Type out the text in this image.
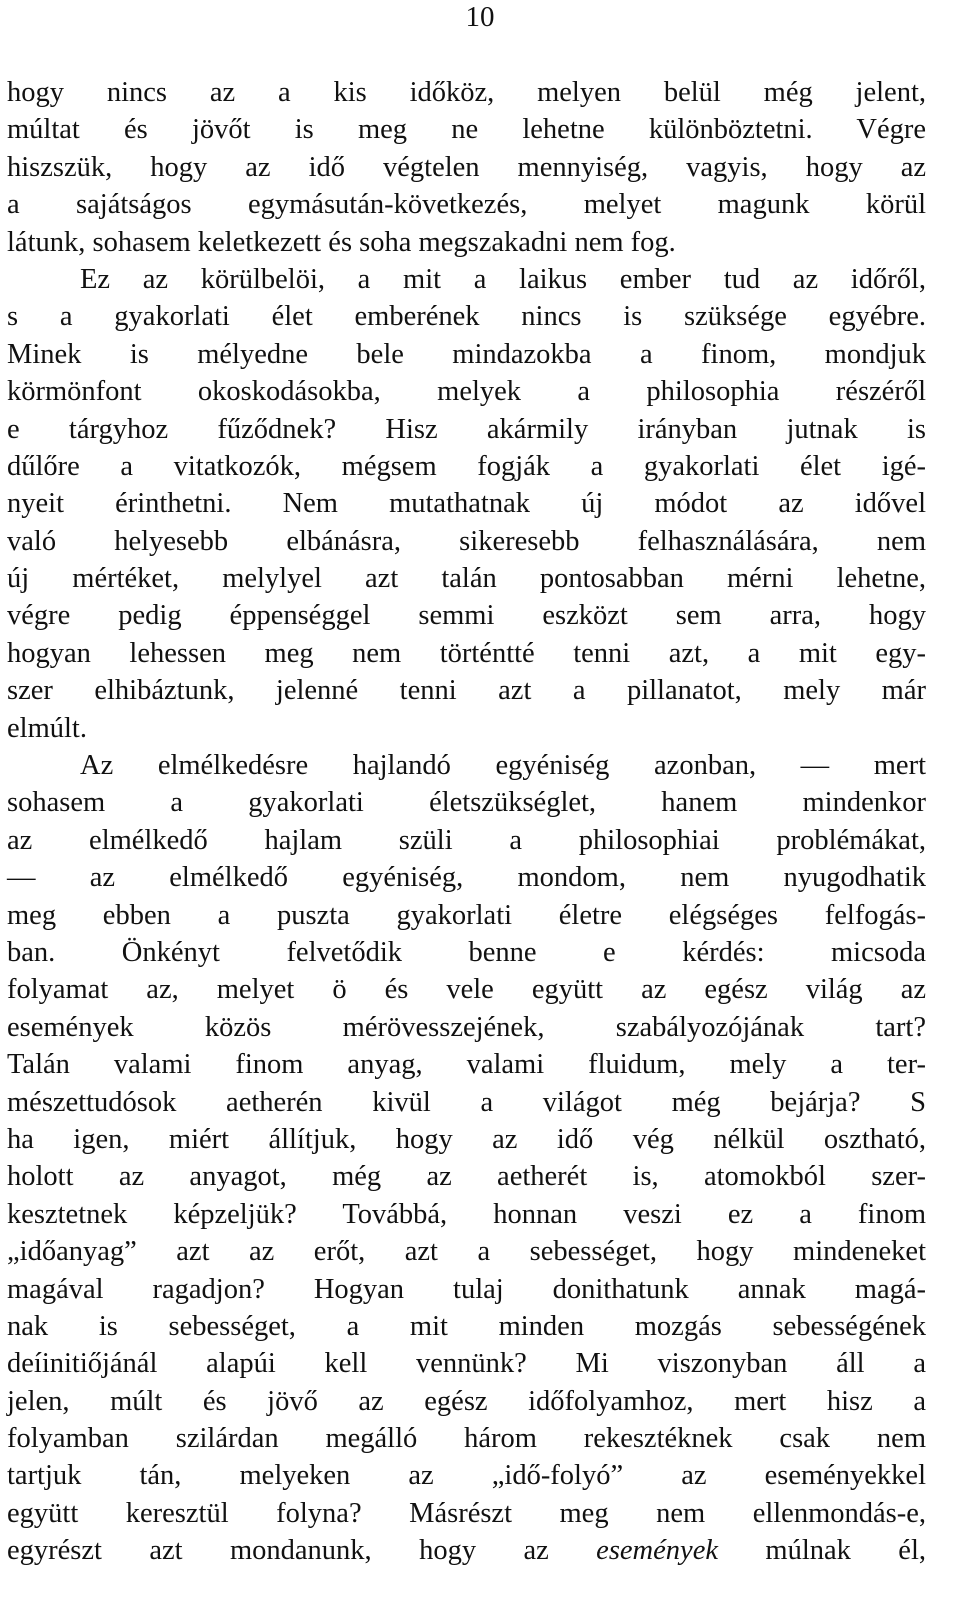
10
hogy nincs az a kis időköz, melyen belül még jelent,
múltat és jövőt is meg ne lehetne különböztetni. Végre
hiszszük, hogy az idő végtelen mennyiség, vagyis, hogy az
a sajátságos egymásután-következés, melyet magunk körül
látunk, sohasem keletkezett és soha megszakadni nem fog.
Ez az körülbelöi, a mit a laikus ember tud az időről,
s a gyakorlati élet emberének nincs is szüksége egyébre.
Minek is mélyedne bele mindazokba a finom, mondjuk
körmönfont okoskodásokba, melyek a philosophia részéről
e tárgyhoz fűződnek? Hisz akármily irányban jutnak is
dűlőre a vitatkozók, mégsem fogják a gyakorlati élet igé-
nyeit érinthetni. Nem mutathatnak új módot az idővel
való helyesebb elbánásra, sikeresebb felhasználására, nem
új mértéket, melylyel azt talán pontosabban mérni lehetne,
végre pedig éppenséggel semmi eszközt sem arra, hogy
hogyan lehessen meg nem történtté tenni azt, a mit egy-
szer elhibáztunk, jelenné tenni azt a pillanatot, mely már
elmúlt.
Az elmélkedésre hajlandó egyéniség azonban, — mert
sohasem a gyakorlati életszükséglet, hanem mindenkor
az elmélkedő hajlam szüli a philosophiai problémákat,
— az elmélkedő egyéniség, mondom, nem nyugodhatik
meg ebben a puszta gyakorlati életre elégséges felfogás-
ban. Önkényt felvetődik benne e kérdés: micsoda
folyamat az, melyet ö és vele együtt az egész világ az
események közös mérövesszejének, szabályozójának tart?
Talán valami finom anyag, valami fluidum, mely a ter-
mészettudósok aetherén kivül a világot még bejárja? S
ha igen, miért állítjuk, hogy az idő vég nélkül osztható,
holott az anyagot, még az aetherét is, atomokból szer-
kesztetnek képzeljük? Továbbá, honnan veszi ez a finom
„időanyag” azt az erőt, azt a sebességet, hogy mindeneket
magával ragadjon? Hogyan tulaj donithatunk annak magá-
nak is sebességet, a mit minden mozgás sebességének
deíinitiőjánál alapúi kell vennünk? Mi viszonyban áll a
jelen, múlt és jövő az egész időfolyamhoz, mert hisz a
folyamban szilárdan megálló három rekesztéknek csak nem
tartjuk tán, melyeken az „idő-folyó” az eseményekkel
együtt keresztül folyna? Másrészt meg nem ellenmondás-e,
egyrészt azt mondanunk, hogy az események múlnak él,
